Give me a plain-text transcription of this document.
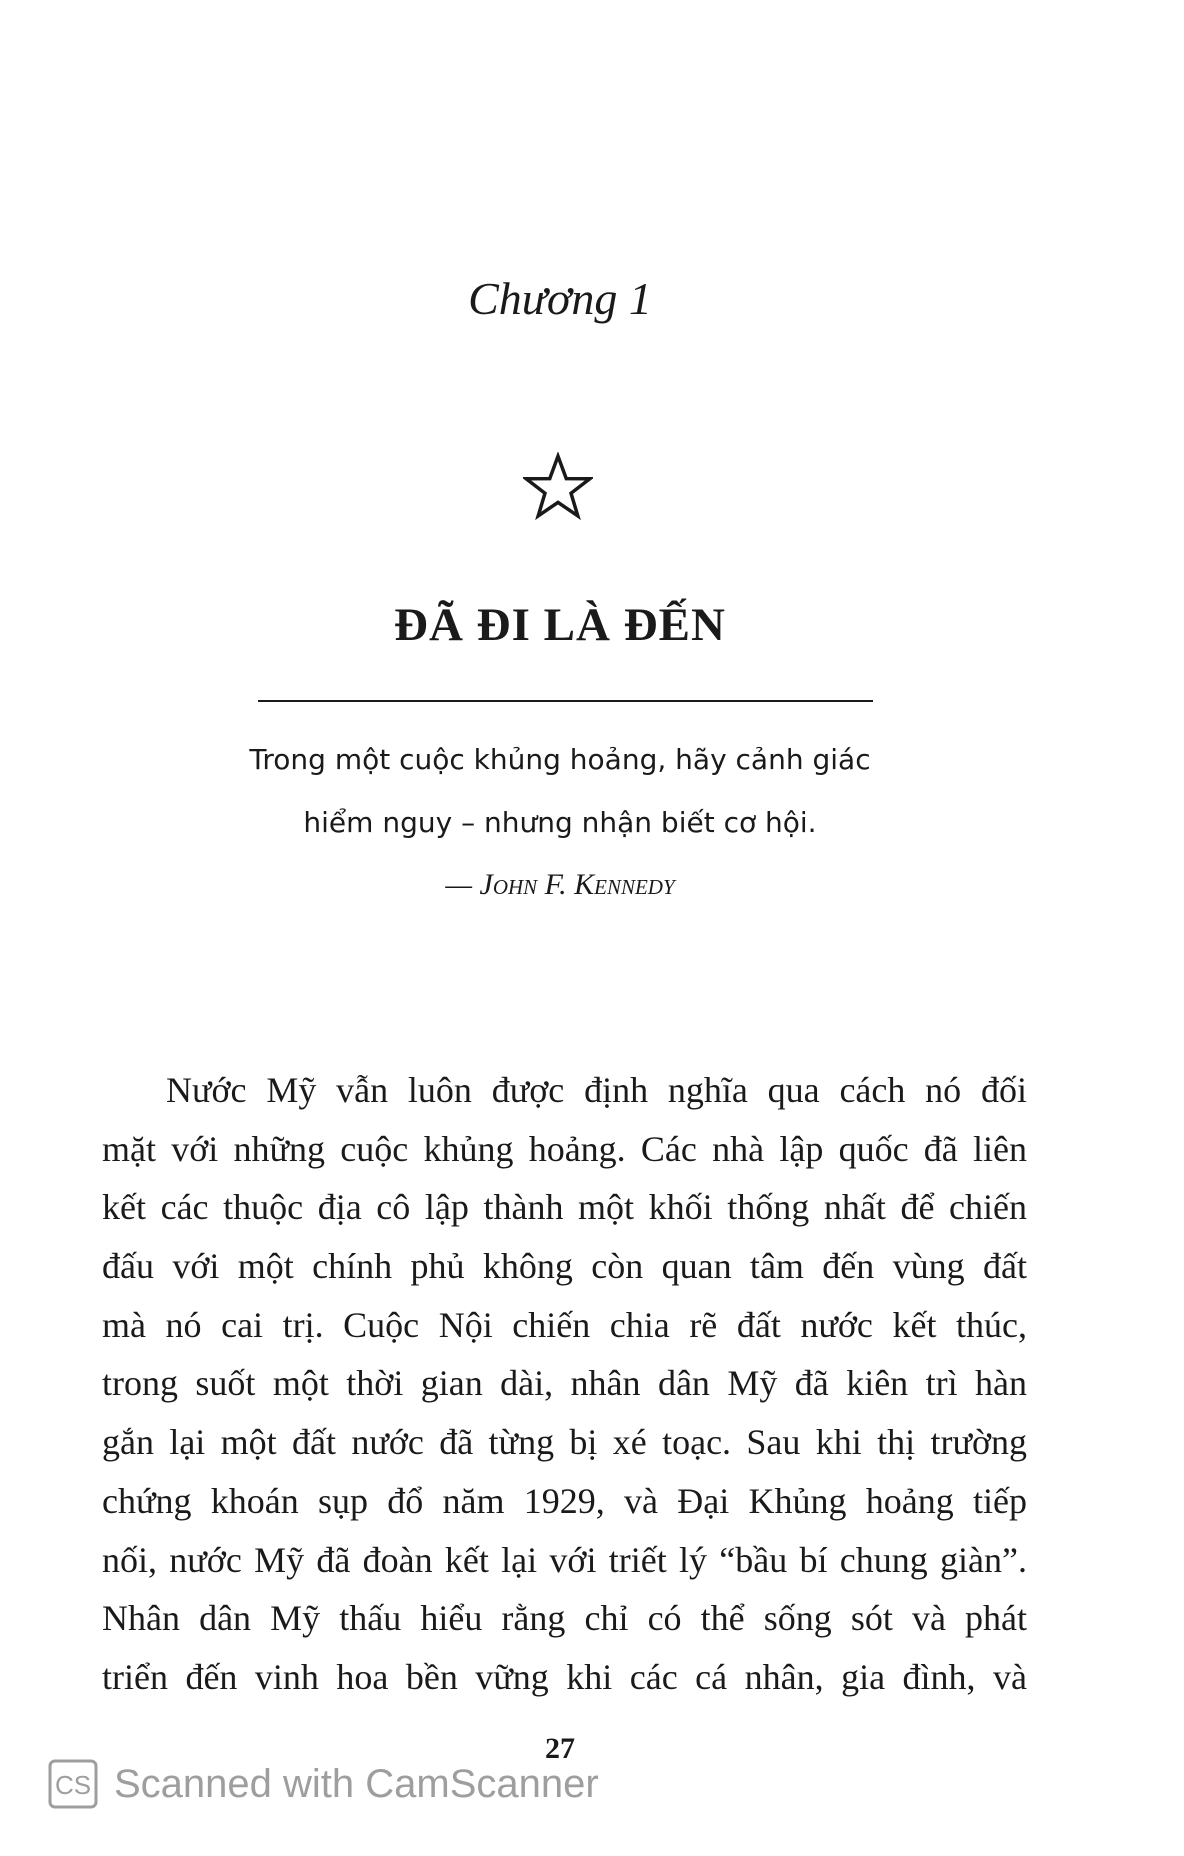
Chương 1
ĐÃ ĐI LÀ ĐẾN
Trong một cuộc khủng hoảng, hãy cảnh giác
hiểm nguy – nhưng nhận biết cơ hội.
— John F. Kennedy
Nước Mỹ vẫn luôn được định nghĩa qua cách nó đối
mặt với những cuộc khủng hoảng. Các nhà lập quốc đã liên
kết các thuộc địa cô lập thành một khối thống nhất để chiến
đấu với một chính phủ không còn quan tâm đến vùng đất
mà nó cai trị. Cuộc Nội chiến chia rẽ đất nước kết thúc,
trong suốt một thời gian dài, nhân dân Mỹ đã kiên trì hàn
gắn lại một đất nước đã từng bị xé toạc. Sau khi thị trường
chứng khoán sụp đổ năm 1929, và Đại Khủng hoảng tiếp
nối, nước Mỹ đã đoàn kết lại với triết lý “bầu bí chung giàn”.
Nhân dân Mỹ thấu hiểu rằng chỉ có thể sống sót và phát
triển đến vinh hoa bền vững khi các cá nhân, gia đình, và
27
CS Scanned with CamScanner
